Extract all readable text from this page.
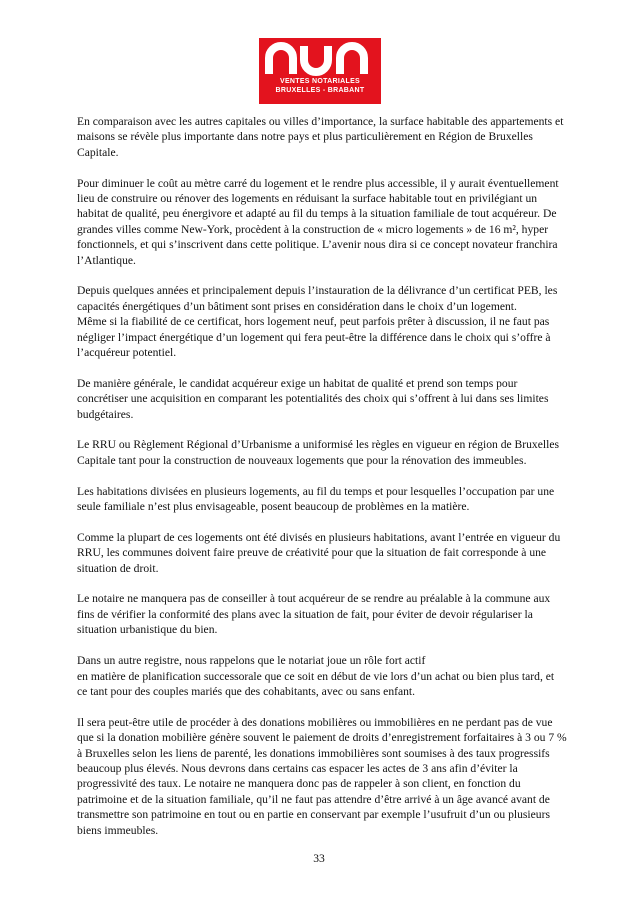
VENTES NOTARIALES
BRUXELLES - BRABANT

En comparaison avec les autres capitales ou villes d’importance, la surface habitable des appartements et maisons se révèle plus importante dans notre pays et plus particulièrement en Région de Bruxelles Capitale.

Pour diminuer le coût au mètre carré du logement et le rendre plus accessible, il y aurait éventuellement lieu de construire ou rénover des logements en réduisant la surface habitable tout en privilégiant un habitat de qualité, peu énergivore et adapté au fil du temps à la situation familiale de tout acquéreur. De grandes villes comme New-York, procèdent à la construction de « micro logements » de 16 m², hyper fonctionnels, et qui s’inscrivent dans cette politique. L’avenir nous dira si ce concept novateur franchira l’Atlantique.

Depuis quelques années et principalement depuis l’instauration de la délivrance d’un certificat PEB, les capacités énergétiques d’un bâtiment sont prises en considération dans le choix d’un logement.
Même si la fiabilité de ce certificat, hors logement neuf, peut parfois prêter à discussion, il ne faut pas négliger l’impact énergétique d’un logement qui fera peut-être la différence dans le choix qui s’offre à l’acquéreur potentiel.

De manière générale, le candidat acquéreur exige un habitat de qualité et prend son temps pour concrétiser une acquisition en comparant les potentialités des choix qui s’offrent à lui dans ses limites budgétaires.

Le RRU ou Règlement Régional d’Urbanisme a uniformisé les règles en vigueur en région de Bruxelles Capitale tant pour la construction de nouveaux logements que pour la rénovation des immeubles.

Les habitations divisées en plusieurs logements, au fil du temps et pour lesquelles l’occupation par une seule familiale n’est plus envisageable, posent beaucoup de problèmes en la matière.

Comme la plupart de ces logements ont été divisés en plusieurs habitations, avant l’entrée en vigueur du RRU, les communes doivent faire preuve de créativité pour que la situation de fait corresponde à une situation de droit.

Le notaire ne manquera pas de conseiller à tout acquéreur de se rendre au préalable à la commune aux fins de vérifier la conformité des plans avec la situation de fait, pour éviter de devoir régulariser la situation urbanistique du bien.

Dans un autre registre, nous rappelons que le notariat joue un rôle fort actif
en matière de planification successorale que ce soit en début de vie lors d’un achat ou bien plus tard, et ce tant pour des couples mariés que des cohabitants, avec ou sans enfant.

Il sera peut-être utile de procéder à des donations mobilières ou immobilières en ne perdant pas de vue que si la donation mobilière génère souvent le paiement de droits d’enregistrement forfaitaires à 3 ou 7 % à Bruxelles selon les liens de parenté, les donations immobilières sont soumises à des taux progressifs beaucoup plus élevés. Nous devrons dans certains cas espacer les actes de 3 ans afin d’éviter la progressivité des taux. Le notaire ne manquera donc pas de rappeler à son client, en fonction du patrimoine et de la situation familiale, qu’il ne faut pas attendre d’être arrivé à un âge avancé avant de transmettre son patrimoine en tout ou en partie en conservant par exemple l’usufruit d’un ou plusieurs biens immeubles.

33
